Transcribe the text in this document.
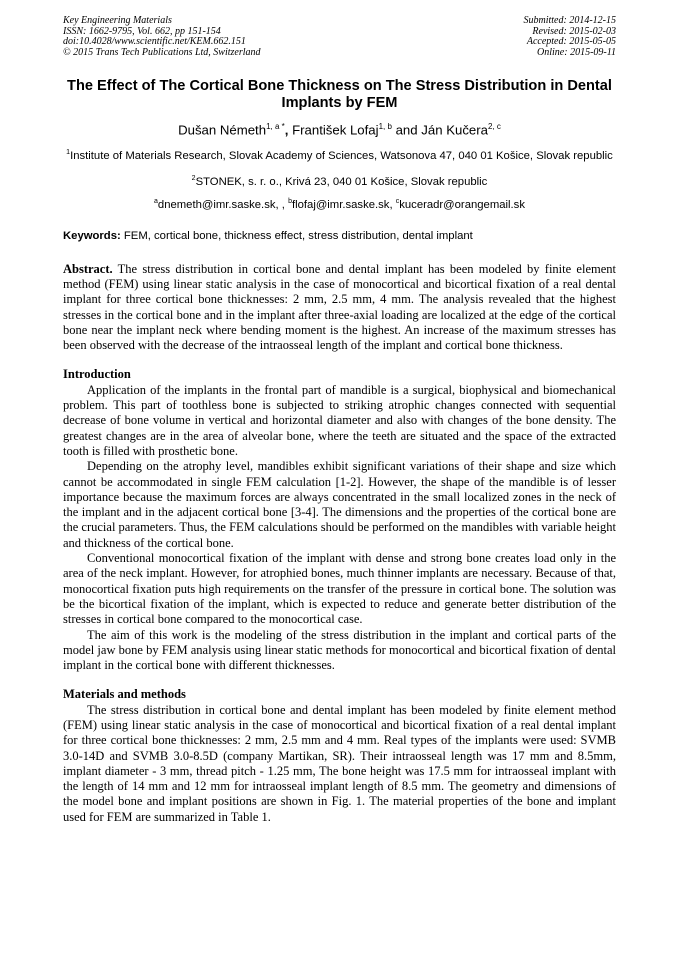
Key Engineering Materials
ISSN: 1662-9795, Vol. 662, pp 151-154
doi:10.4028/www.scientific.net/KEM.662.151
© 2015 Trans Tech Publications Ltd, Switzerland
Submitted: 2014-12-15
Revised: 2015-02-03
Accepted: 2015-05-05
Online: 2015-09-11
The Effect of The Cortical Bone Thickness on The Stress Distribution in Dental Implants by FEM
Dušan Németh$^{1, a *}$, František Lofaj$^{1, b}$ and Ján Kučera$^{2, c}$
$^1$Institute of Materials Research, Slovak Academy of Sciences, Watsonova 47, 040 01 Košice, Slovak republic
$^2$STONEK, s. r. o., Krivá 23, 040 01 Košice, Slovak republic
$^a$dnemeth@imr.saske.sk, , $^b$flofaj@imr.saske.sk, $^c$kuceradr@orangemail.sk
Keywords: FEM, cortical bone, thickness effect, stress distribution, dental implant
Abstract. The stress distribution in cortical bone and dental implant has been modeled by finite element method (FEM) using linear static analysis in the case of monocortical and bicortical fixation of a real dental implant for three cortical bone thicknesses: 2 mm, 2.5 mm, 4 mm. The analysis revealed that the highest stresses in the cortical bone and in the implant after three-axial loading are localized at the edge of the cortical bone near the implant neck where bending moment is the highest. An increase of the maximum stresses has been observed with the decrease of the intraosseal length of the implant and cortical bone thickness.
Introduction

Application of the implants in the frontal part of mandible is a surgical, biophysical and biomechanical problem. This part of toothless bone is subjected to striking atrophic changes connected with sequential decrease of bone volume in vertical and horizontal diameter and also with changes of the bone density. The greatest changes are in the area of alveolar bone, where the teeth are situated and the space of the extracted tooth is filled with prosthetic bone.

Depending on the atrophy level, mandibles exhibit significant variations of their shape and size which cannot be accommodated in single FEM calculation [1-2]. However, the shape of the mandible is of lesser importance because the maximum forces are always concentrated in the small localized zones in the neck of the implant and in the adjacent cortical bone [3-4]. The dimensions and the properties of the cortical bone are the crucial parameters. Thus, the FEM calculations should be performed on the mandibles with variable height and thickness of the cortical bone.

Conventional monocortical fixation of the implant with dense and strong bone creates load only in the area of the neck implant. However, for atrophied bones, much thinner implants are necessary. Because of that, monocortical fixation puts high requirements on the transfer of the pressure in cortical bone. The solution was be the bicortical fixation of the implant, which is expected to reduce and generate better distribution of the stresses in cortical bone compared to the monocortical case.

The aim of this work is the modeling of the stress distribution in the implant and cortical parts of the model jaw bone by FEM analysis using linear static methods for monocortical and bicortical fixation of dental implant in the cortical bone with different thicknesses.

Materials and methods

The stress distribution in cortical bone and dental implant has been modeled by finite element method (FEM) using linear static analysis in the case of monocortical and bicortical fixation of a real dental implant for three cortical bone thicknesses: 2 mm, 2.5 mm and 4 mm. Real types of the implants were used: SVMB 3.0-14D and SVMB 3.0-8.5D (company Martikan, SR). Their intraosseal length was 17 mm and 8.5mm, implant diameter - 3 mm, thread pitch - 1.25 mm, The bone height was 17.5 mm for intraosseal implant with the length of 14 mm and 12 mm for intraosseal implant length of 8.5 mm. The geometry and dimensions of the model bone and implant positions are shown in Fig. 1. The material properties of the bone and implant used for FEM are summarized in Table 1.
